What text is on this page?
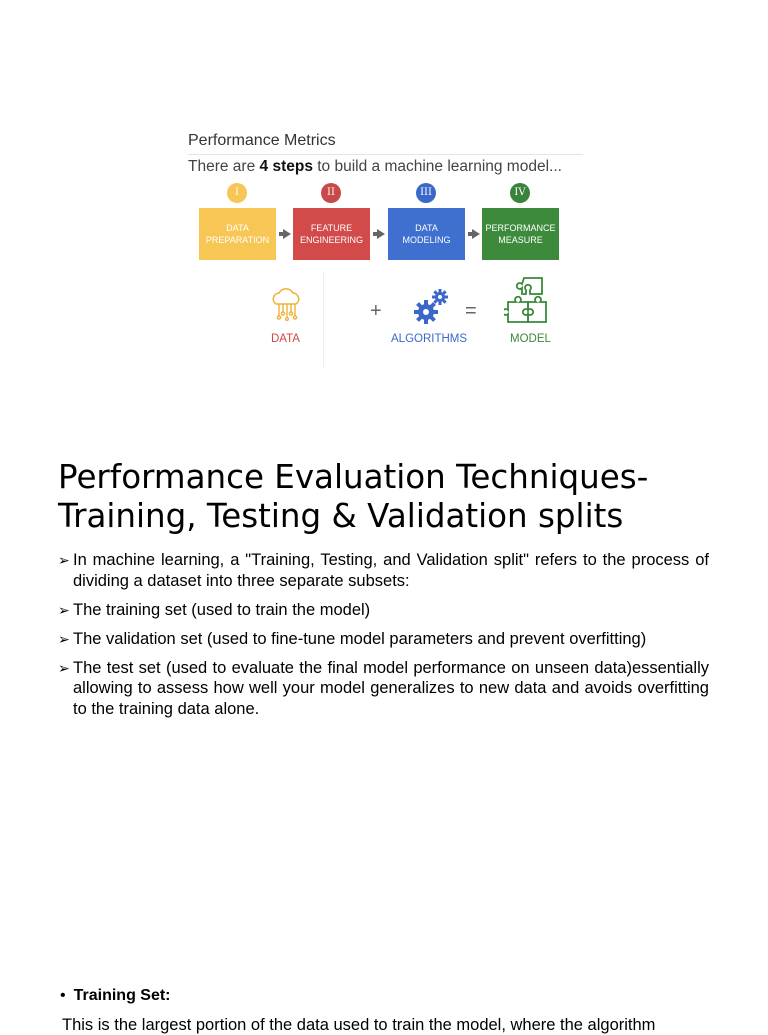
Performance Metrics
There are 4 steps to build a machine learning model...
I	II	III	IV
DATA
PREPARATION
FEATURE
ENGINEERING
DATA
MODELING
PERFORMANCE
MEASURE
DATA
+
ALGORITHMS
=
MODEL
Performance Evaluation Techniques-
Training, Testing & Validation splits
➢ In machine learning, a "Training, Testing, and Validation split" refers to the process of dividing a dataset into three separate subsets:
➢ The training set (used to train the model)
➢ The validation set (used to fine-tune model parameters and prevent overfitting)
➢ The test set (used to evaluate the final model performance on unseen data)essentially allowing to assess how well your model generalizes to new data and avoids overfitting to the training data alone.
• Training Set:
This is the largest portion of the data used to train the model, where the algorithm
